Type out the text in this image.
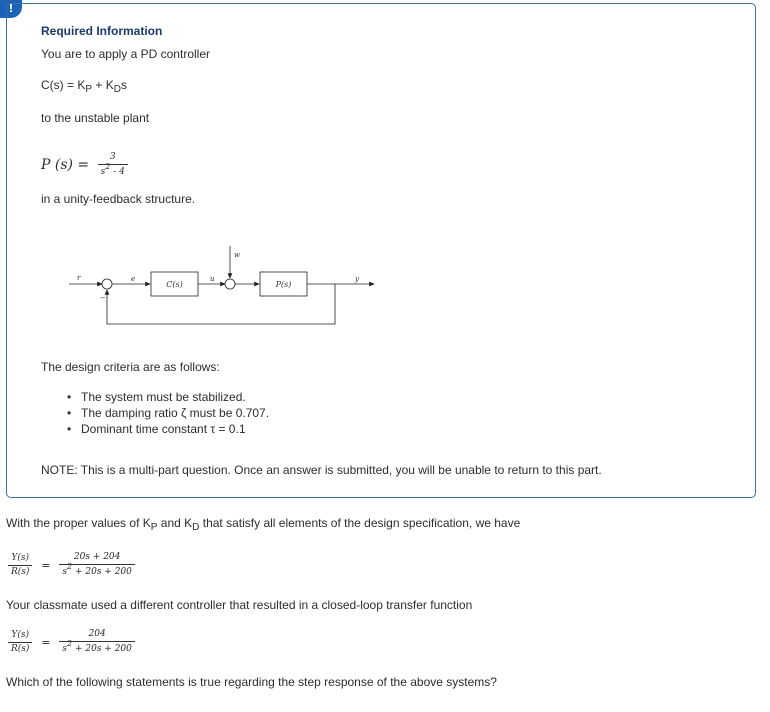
!
Required Information
You are to apply a PD controller
$C(s) = K_P + K_Ds$
to the unstable plant
P $(s) = \frac{3}{s2 - 4}$
in a unity-feedback structure.
r
−
e
C(s)
u
w
P(s)
y
The design criteria are as follows:
• The system must be stabilized.
• The damping ratio ζ must be 0.707.
• Dominant time constant τ = 0.1
NOTE: This is a multi-part question. Once an answer is submitted, you will be unable to return to this part.
With the proper values of $K_P$ and $K_D$ that satisfy all elements of the design specification, we have
$\frac{Y(s)}{R(s)} = \frac{20s + 204}{s2 + 20s + 200}$
Your classmate used a different controller that resulted in a closed-loop transfer function
$\frac{Y(s)}{R(s)} = \frac{204}{s2 + 20s + 200}$
Which of the following statements is true regarding the step response of the above systems?
